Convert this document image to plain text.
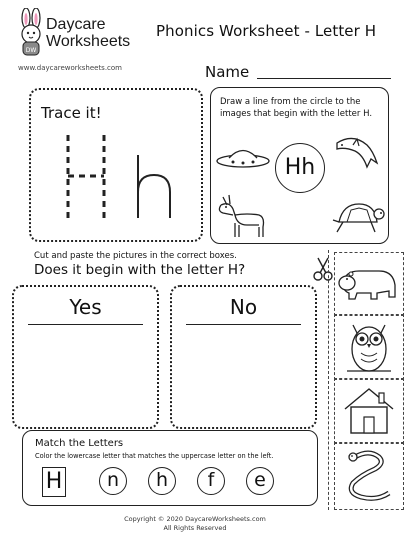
DW
Daycare
Worksheets
www.daycareworksheets.com
Phonics Worksheet - Letter H
Name
Trace it!
Draw a line from the circle to the images that begin with the letter H.
Hh
Cut and paste the pictures in the correct boxes.
Does it begin with the letter H?
Yes	No
Match the Letters
Color the lowercase letter that matches the uppercase letter on the left.
H	n	h	f	e
Copyright © 2020 DaycareWorksheets.com
All Rights Reserved
